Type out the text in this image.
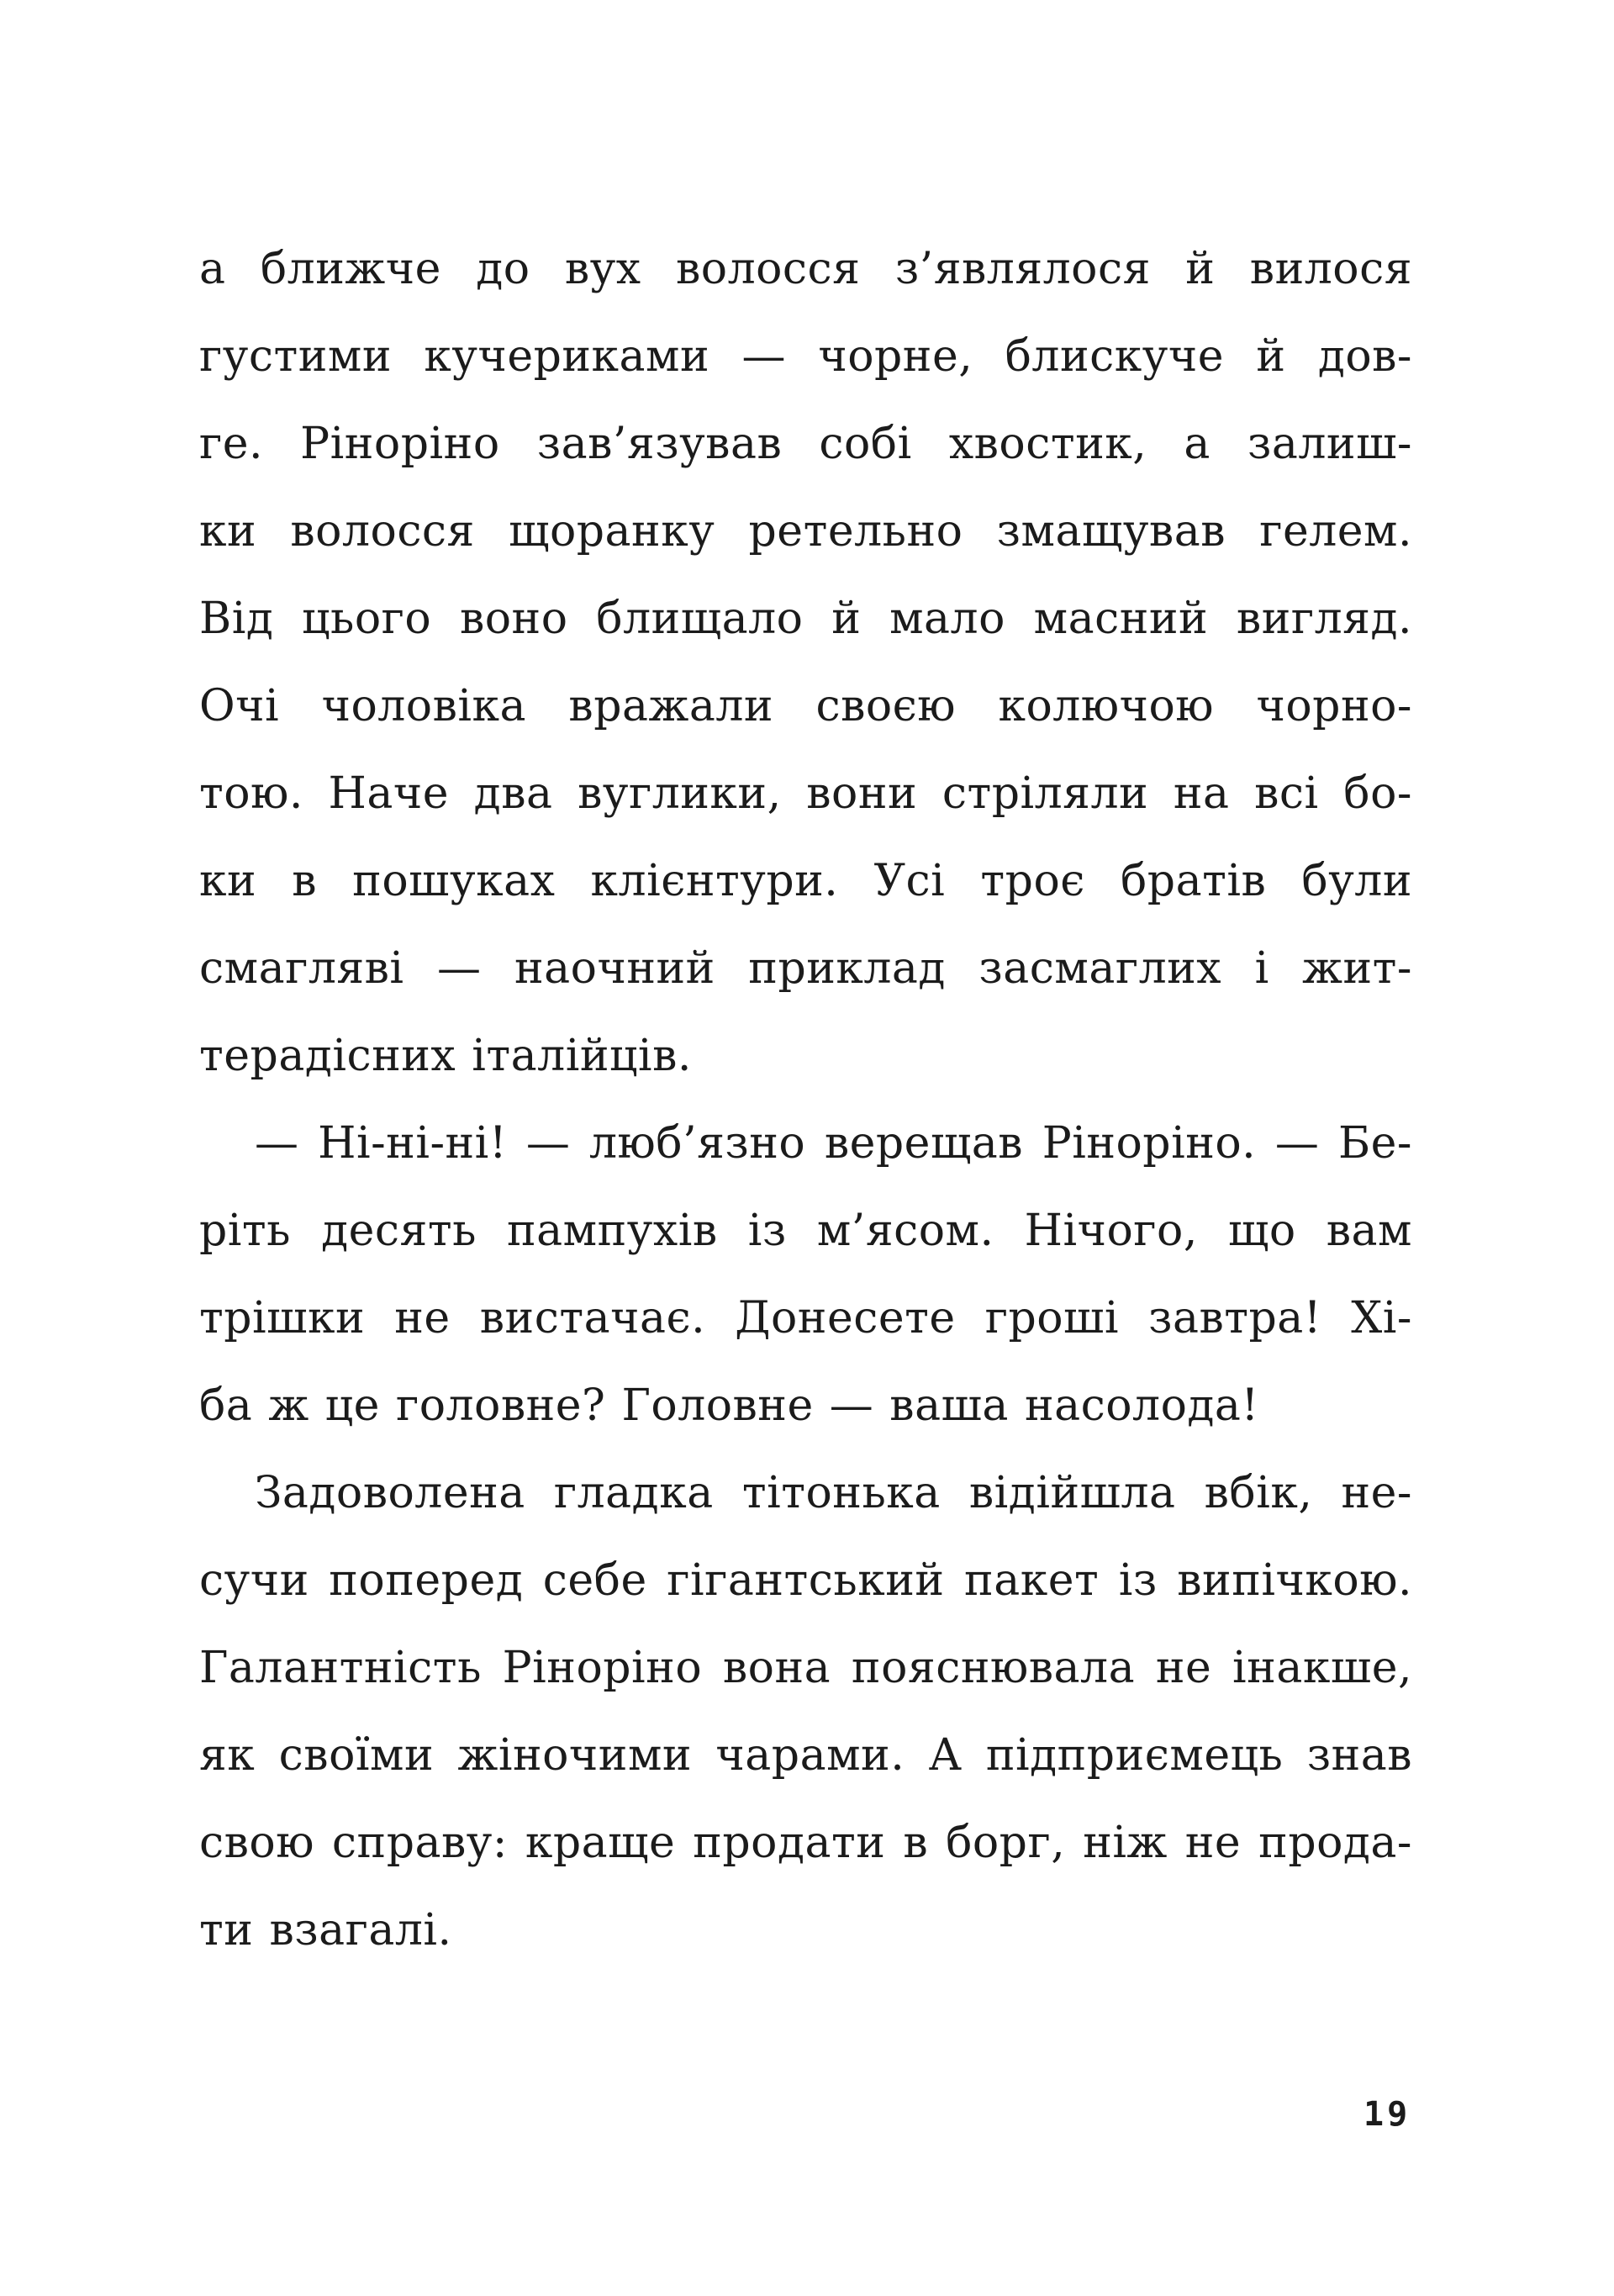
а ближче до вух волосся з’являлося й вилося
густими кучериками — чорне, блискуче й дов-
ге. Рінoріно зав’язував собі хвостик, а залиш-
ки волосся щоранку ретельно змащував гелем.
Від цього воно блищало й мало масний вигляд.
Очі чоловіка вражали своєю колючою чорно-
тою. Наче два вуглики, вони стріляли на всі бо-
ки в пошуках клієнтури. Усі троє братів були
смагляві — наочний приклад засмаглих і жит-
терадісних італійців.
— Ні-ні-ні! — люб’язно верещав Рінoріно. — Бе-
ріть десять пампухів із м’ясом. Нічого, що вам
трішки не вистачає. Донесете гроші завтра! Хі-
ба ж це головне? Головне — ваша насолода!
Задоволена гладка тітонька відійшла вбік, не-
сучи поперед себе гігантський пакет із випічкою.
Галантність Рінoріно вона пояснювала не інакше,
як своїми жіночими чарами. А підприємець знав
свою справу: краще продати в борг, ніж не прода-
ти взагалі.
19
